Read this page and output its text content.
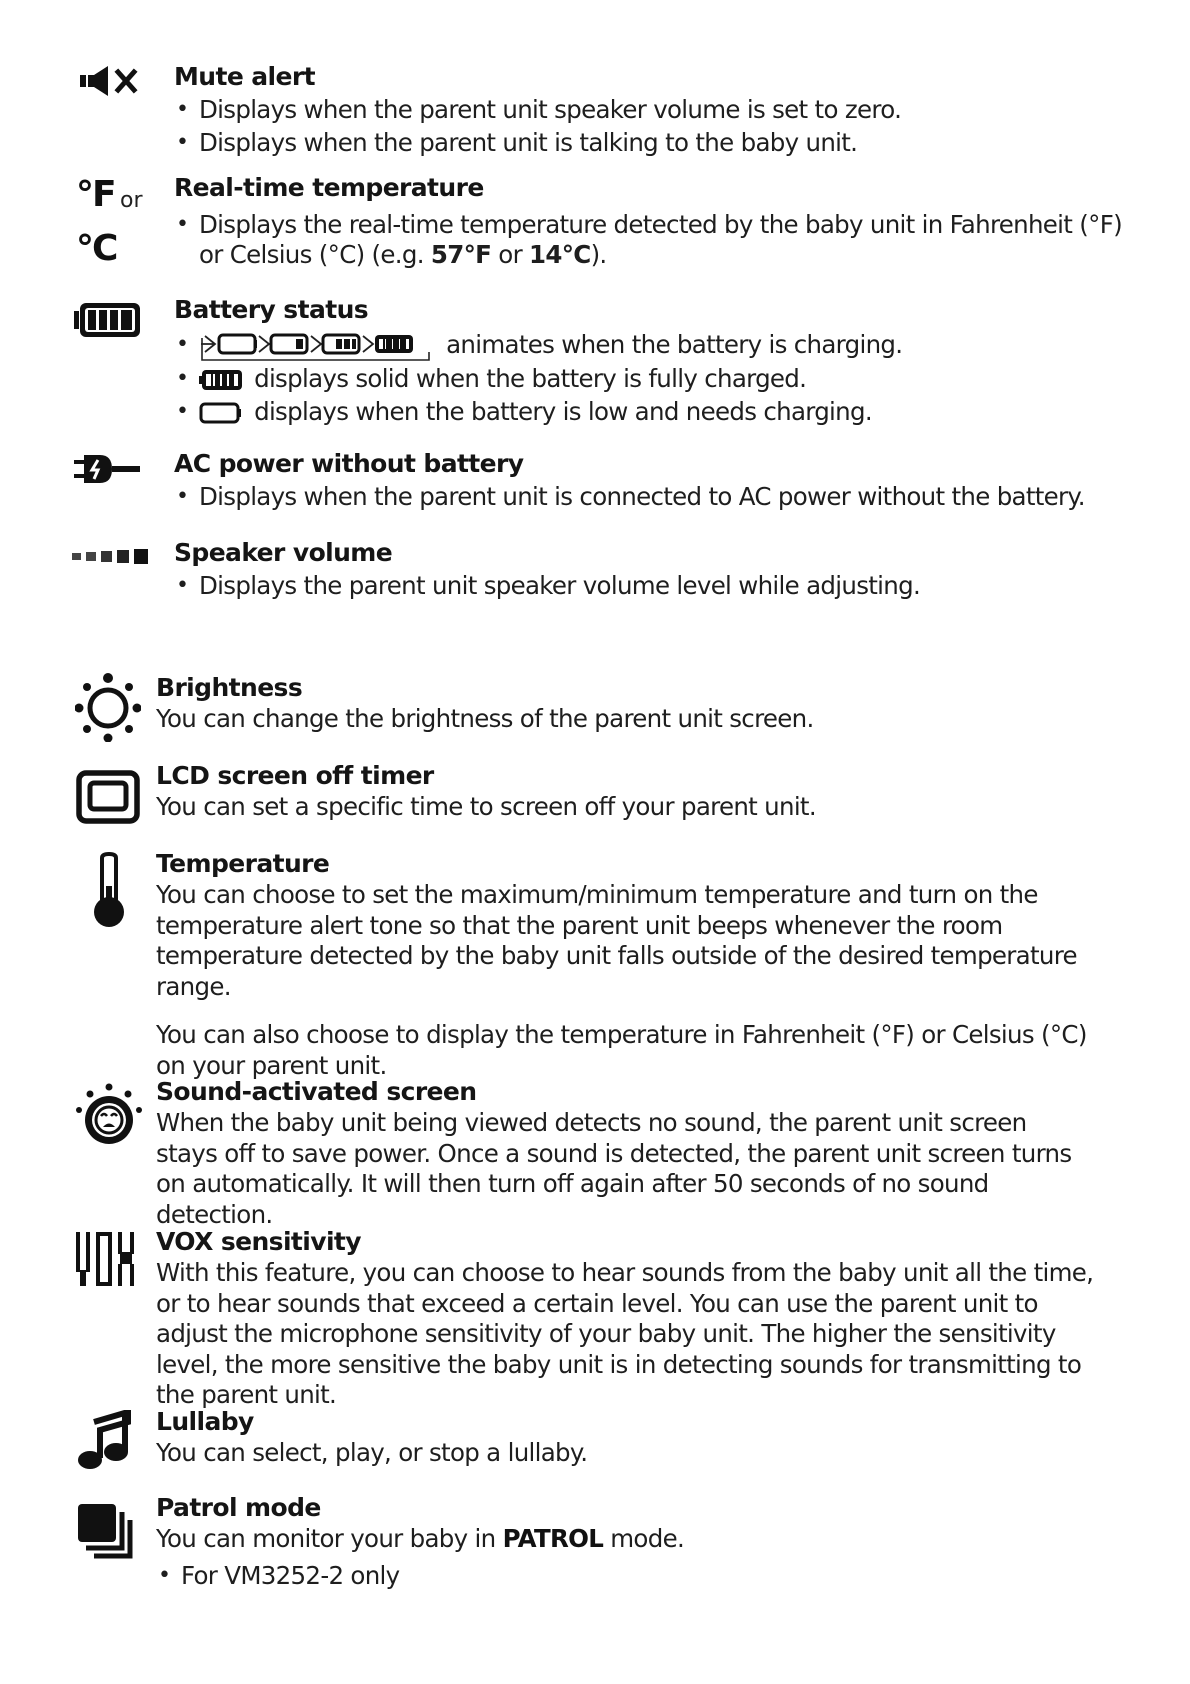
Mute alert
• Displays when the parent unit speaker volume is set to zero.
• Displays when the parent unit is talking to the baby unit.
°F or
°C
Real-time temperature
• Displays the real-time temperature detected by the baby unit in Fahrenheit (°F) or Celsius (°C) (e.g. 57°F or 14°C).
Battery status
• animates when the battery is charging.
• displays solid when the battery is fully charged.
• displays when the battery is low and needs charging.
AC power without battery
• Displays when the parent unit is connected to AC power without the battery.
Speaker volume
• Displays the parent unit speaker volume level while adjusting.
Brightness

You can change the brightness of the parent unit screen.

LCD screen off timer

You can set a specific time to screen off your parent unit.

Temperature

You can choose to set the maximum/minimum temperature and turn on the temperature alert tone so that the parent unit beeps whenever the room temperature detected by the baby unit falls outside of the desired temperature range.

You can also choose to display the temperature in Fahrenheit (°F) or Celsius (°C) on your parent unit.

Sound-activated screen

When the baby unit being viewed detects no sound, the parent unit screen stays off to save power. Once a sound is detected, the parent unit screen turns on automatically. It will then turn off again after 50 seconds of no sound detection.

VOX sensitivity

With this feature, you can choose to hear sounds from the baby unit all the time, or to hear sounds that exceed a certain level. You can use the parent unit to adjust the microphone sensitivity of your baby unit. The higher the sensitivity level, the more sensitive the baby unit is in detecting sounds for transmitting to the parent unit.

Lullaby

You can select, play, or stop a lullaby.

Patrol mode

You can monitor your baby in PATROL mode.

• For VM3252-2 only
